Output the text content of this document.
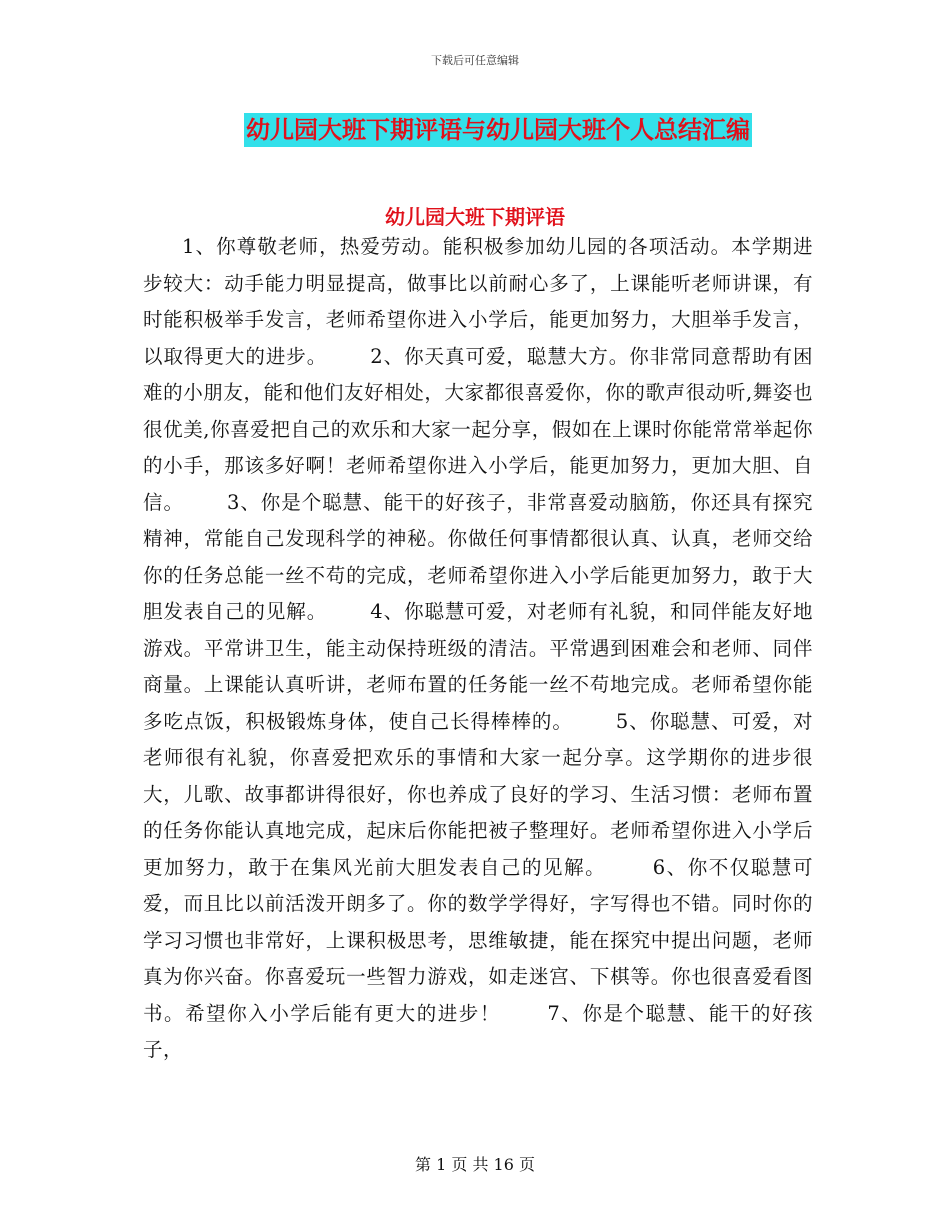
下载后可任意编辑
幼儿园大班下期评语与幼儿园大班个人总结汇编
幼儿园大班下期评语

1、你尊敬老师，热爱劳动。能积极参加幼儿园的各项活动。本学期进步较大：动手能力明显提高，做事比以前耐心多了，上课能听老师讲课，有时能积极举手发言，老师希望你进入小学后，能更加努力，大胆举手发言，以取得更大的进步。      2、你天真可爱，聪慧大方。你非常同意帮助有困难的小朋友，能和他们友好相处，大家都很喜爱你，你的歌声很动听,舞姿也很优美,你喜爱把自己的欢乐和大家一起分享，假如在上课时你能常常举起你的小手，那该多好啊！老师希望你进入小学后，能更加努力，更加大胆、自信。      3、你是个聪慧、能干的好孩子，非常喜爱动脑筋，你还具有探究精神，常能自己发现科学的神秘。你做任何事情都很认真、认真，老师交给你的任务总能一丝不苟的完成，老师希望你进入小学后能更加努力，敢于大胆发表自己的见解。      4、你聪慧可爱，对老师有礼貌，和同伴能友好地游戏。平常讲卫生，能主动保持班级的清洁。平常遇到困难会和老师、同伴商量。上课能认真听讲，老师布置的任务能一丝不苟地完成。老师希望你能多吃点饭，积极锻炼身体，使自己长得棒棒的。      5、你聪慧、可爱，对老师很有礼貌，你喜爱把欢乐的事情和大家一起分享。这学期你的进步很大，儿歌、故事都讲得很好，你也养成了良好的学习、生活习惯：老师布置的任务你能认真地完成，起床后你能把被子整理好。老师希望你进入小学后更加努力，敢于在集风光前大胆发表自己的见解。      6、你不仅聪慧可爱，而且比以前活泼开朗多了。你的数学学得好，字写得也不错。同时你的学习习惯也非常好，上课积极思考，思维敏捷，能在探究中提出问题，老师真为你兴奋。你喜爱玩一些智力游戏，如走迷宫、下棋等。你也很喜爱看图书。希望你入小学后能有更大的进步！      7、你是个聪慧、能干的好孩子，

第 1 页 共 16 页
